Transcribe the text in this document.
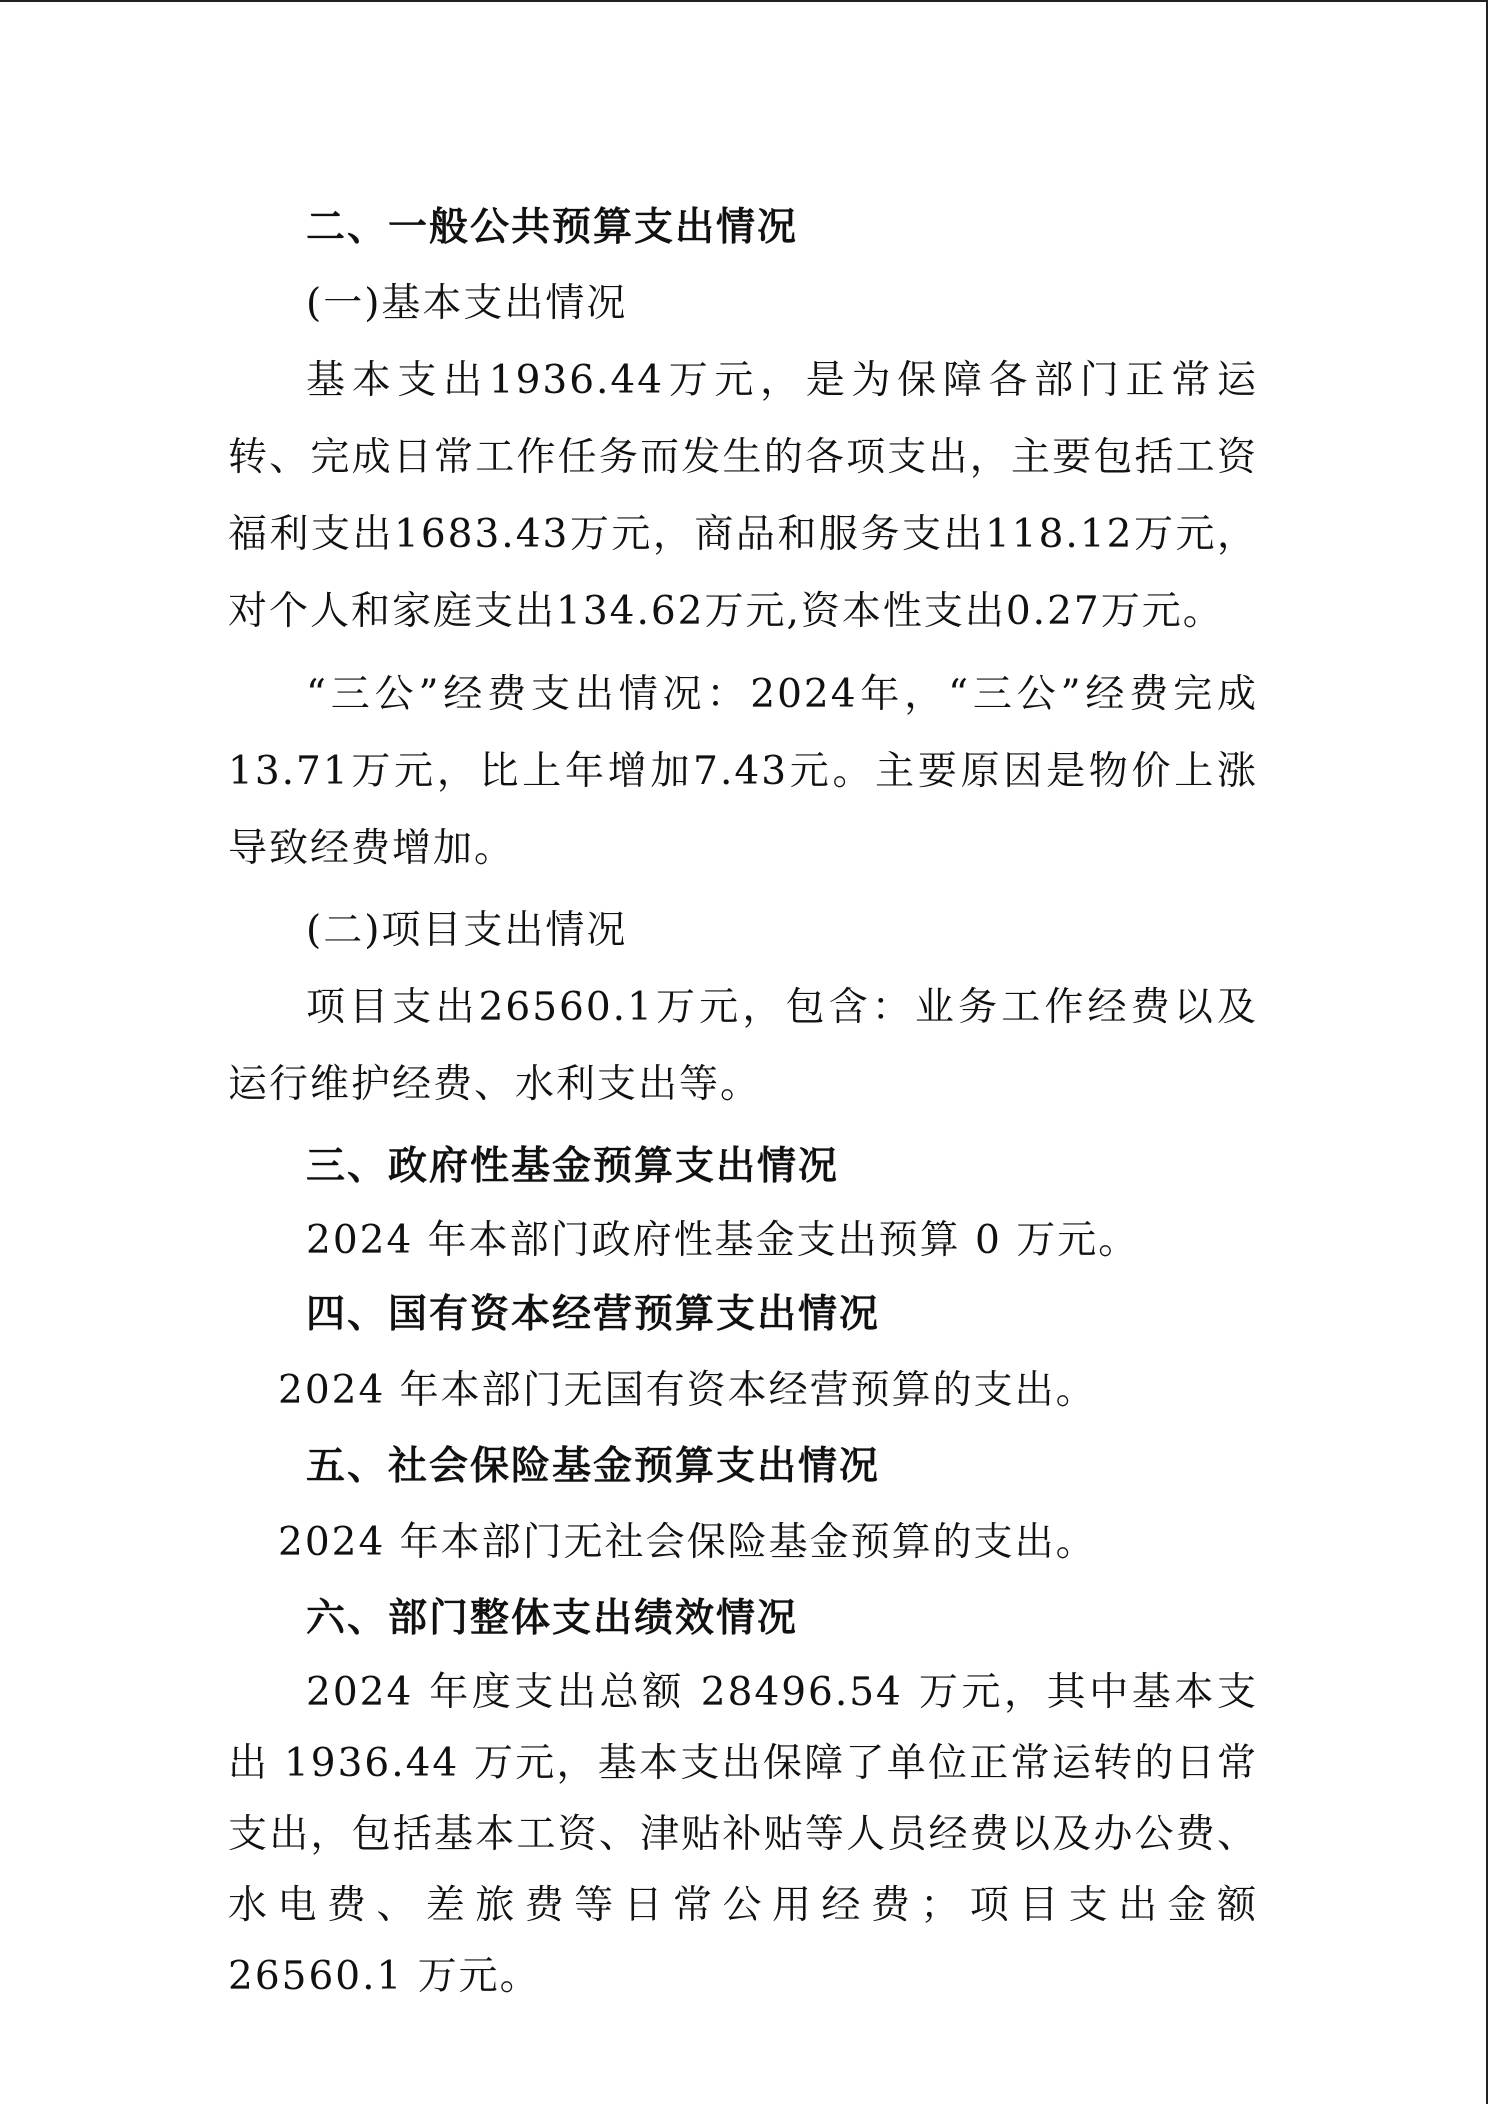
二、一般公共预算支出情况
(一)基本支出情况

基本支出1936.44万元，是为保障各部门正常运转、完成日常工作任务而发生的各项支出，主要包括工资福利支出1683.43万元，商品和服务支出118.12万元，对个人和家庭支出134.62万元,资本性支出0.27万元。

“三公”经费支出情况：2024年，“三公”经费完成13.71万元，比上年增加7.43元。主要原因是物价上涨导致经费增加。

(二)项目支出情况

项目支出26560.1万元，包含：业务工作经费以及运行维护经费、水利支出等。

三、政府性基金预算支出情况
2024 年本部门政府性基金支出预算 0 万元。
四、国有资本经营预算支出情况
2024 年本部门无国有资本经营预算的支出。
五、社会保险基金预算支出情况
2024 年本部门无社会保险基金预算的支出。
六、部门整体支出绩效情况

2024 年度支出总额 28496.54 万元，其中基本支出 1936.44 万元，基本支出保障了单位正常运转的日常支出，包括基本工资、津贴补贴等人员经费以及办公费、水电费、差旅费等日常公用经费；项目支出金额 26560.1 万元。
